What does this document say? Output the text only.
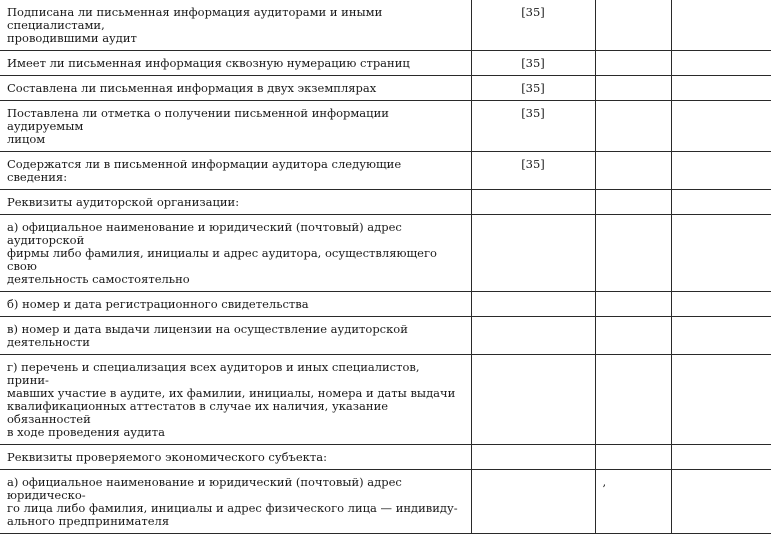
Подписана ли письменная информация аудиторами и иными специалистами,
проводившими аудит	[35]		
Имеет ли письменная информация сквозную нумерацию страниц	[35]		
Составлена ли письменная информация в двух экземплярах	[35]		
Поставлена ли отметка о получении письменной информации аудируемым
лицом	[35]		
Содержатся ли в письменной информации аудитора следующие сведения:	[35]		
Реквизиты аудиторской организации:			
а) официальное наименование и юридический (почтовый) адрес аудиторской
фирмы либо фамилия, инициалы и адрес аудитора, осуществляющего свою
деятельность самостоятельно			
б) номер и дата регистрационного свидетельства			
в) номер и дата выдачи лицензии на осуществление аудиторской деятельности			
г) перечень и специализация всех аудиторов и иных специалистов, прини-
мавших участие в аудите, их фамилии, инициалы, номера и даты выдачи
квалификационных аттестатов в случае их наличия, указание обязанностей
в ходе проведения аудита			
Реквизиты проверяемого экономического субъекта:			
а) официальное наименование и юридический (почтовый) адрес юридическо-
го лица либо фамилия, инициалы и адрес физического лица — индивиду-
ального предпринимателя		,	
